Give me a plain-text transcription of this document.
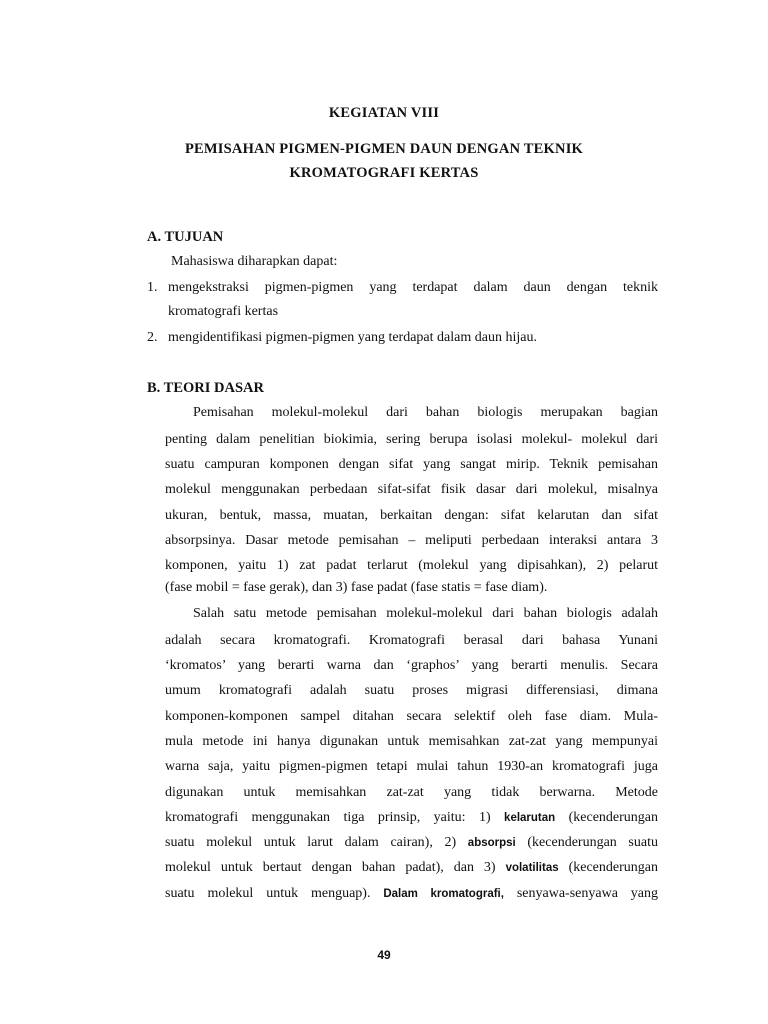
KEGIATAN VIII
PEMISAHAN PIGMEN-PIGMEN DAUN DENGAN TEKNIK
KROMATOGRAFI KERTAS
A. TUJUAN
Mahasiswa diharapkan dapat:
1. mengekstraksi pigmen-pigmen yang terdapat dalam daun dengan teknik
kromatografi kertas
2. mengidentifikasi pigmen-pigmen yang terdapat dalam daun hijau.
B. TEORI DASAR
Pemisahan molekul-molekul dari bahan biologis merupakan bagian
penting dalam penelitian biokimia, sering berupa isolasi molekul- molekul dari
suatu campuran komponen dengan sifat yang sangat mirip. Teknik pemisahan
molekul menggunakan perbedaan sifat-sifat fisik dasar dari molekul, misalnya
ukuran, bentuk, massa, muatan, berkaitan dengan: sifat kelarutan dan sifat
absorpsinya. Dasar metode pemisahan – meliputi perbedaan interaksi antara 3
komponen, yaitu 1) zat padat terlarut (molekul yang dipisahkan), 2) pelarut
(fase mobil = fase gerak), dan 3) fase padat (fase statis = fase diam).
Salah satu metode pemisahan molekul-molekul dari bahan biologis adalah
adalah secara kromatografi. Kromatografi berasal dari bahasa Yunani
‘kromatos’ yang berarti warna dan ‘graphos’ yang berarti menulis. Secara
umum kromatografi adalah suatu proses migrasi differensiasi, dimana
komponen-komponen sampel ditahan secara selektif oleh fase diam. Mula-
mula metode ini hanya digunakan untuk memisahkan zat-zat yang mempunyai
warna saja, yaitu pigmen-pigmen tetapi mulai tahun 1930-an kromatografi juga
digunakan untuk memisahkan zat-zat yang tidak berwarna. Metode
kromatografi menggunakan tiga prinsip, yaitu: 1) kelarutan (kecenderungan
suatu molekul untuk larut dalam cairan), 2) absorpsi (kecenderungan suatu
molekul untuk bertaut dengan bahan padat), dan 3) volatilitas (kecenderungan
suatu molekul untuk menguap). Dalam kromatografi, senyawa-senyawa yang
49
